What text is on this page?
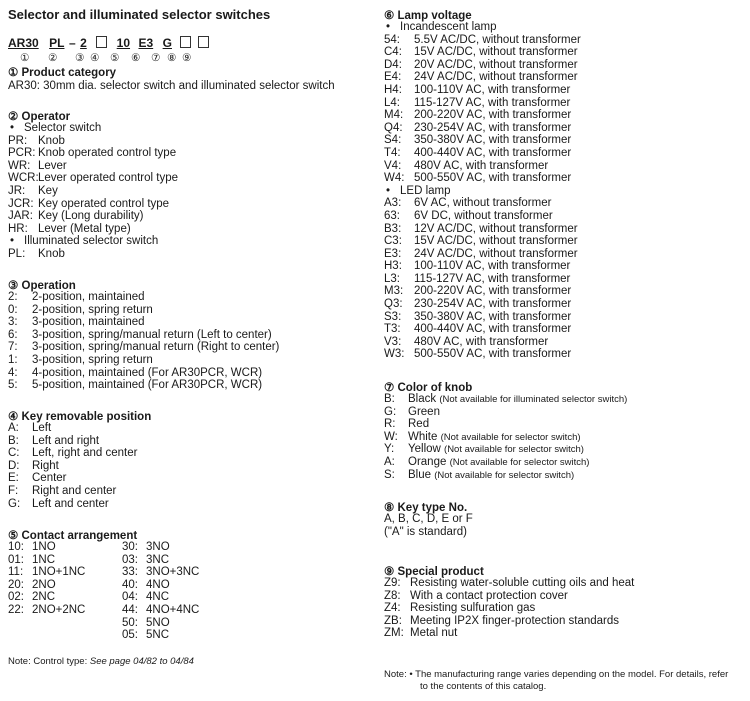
Selector and illuminated selector switches
AR30 PL – 2 10 E3 G
① ② ③ ④ ⑤ ⑥ ⑦ ⑧ ⑨
① Product category
AR30: 30mm dia. selector switch and illuminated selector switch
② Operator
• Selector switch
PR: Knob
PCR: Knob operated control type
WR: Lever
WCR:Lever operated control type
JR: Key
JCR: Key operated control type
JAR: Key (Long durability)
HR: Lever (Metal type)
• Illuminated selector switch
PL: Knob
③ Operation
2: 2-position, maintained
0: 2-position, spring return
3: 3-position, maintained
6: 3-position, spring/manual return (Left to center)
7: 3-position, spring/manual return (Right to center)
1: 3-position, spring return
4: 4-position, maintained (For AR30PCR, WCR)
5: 5-position, maintained (For AR30PCR, WCR)
④ Key removable position
A: Left
B: Left and right
C: Left, right and center
D: Right
E: Center
F: Right and center
G: Left and center
⑤ Contact arrangement
10: 1NO
01: 1NC
11: 1NO+1NC
20: 2NO
02: 2NC
22: 2NO+2NC
30: 3NO
03: 3NC
33: 3NO+3NC
40: 4NO
04: 4NC
44: 4NO+4NC
50: 5NO
05: 5NC
Note: Control type: See page 04/82 to 04/84
⑥ Lamp voltage
• Incandescent lamp
54: 5.5V AC/DC, without transformer
C4: 15V AC/DC, without transformer
D4: 20V AC/DC, without transformer
E4: 24V AC/DC, without transformer
H4: 100-110V AC, with transformer
L4: 115-127V AC, with transformer
M4: 200-220V AC, with transformer
Q4: 230-254V AC, with transformer
S4: 350-380V AC, with transformer
T4: 400-440V AC, with transformer
V4: 480V AC, with transformer
W4: 500-550V AC, with transformer
• LED lamp
A3: 6V AC, without transformer
63: 6V DC, without transformer
B3: 12V AC/DC, without transformer
C3: 15V AC/DC, without transformer
E3: 24V AC/DC, without transformer
H3: 100-110V AC, with transformer
L3: 115-127V AC, with transformer
M3: 200-220V AC, with transformer
Q3: 230-254V AC, with transformer
S3: 350-380V AC, with transformer
T3: 400-440V AC, with transformer
V3: 480V AC, with transformer
W3: 500-550V AC, with transformer
⑦ Color of knob
B: Black (Not available for illuminated selector switch)
G: Green
R: Red
W: White (Not available for selector switch)
Y: Yellow (Not available for selector switch)
A: Orange (Not available for selector switch)
S: Blue (Not available for selector switch)
⑧ Key type No.
A, B, C, D, E or F
("A" is standard)
⑨ Special product
Z9: Resisting water-soluble cutting oils and heat
Z8: With a contact protection cover
Z4: Resisting sulfuration gas
ZB: Meeting IP2X finger-protection standards
ZM: Metal nut
Note: • The manufacturing range varies depending on the model. For details, refer
to the contents of this catalog.
